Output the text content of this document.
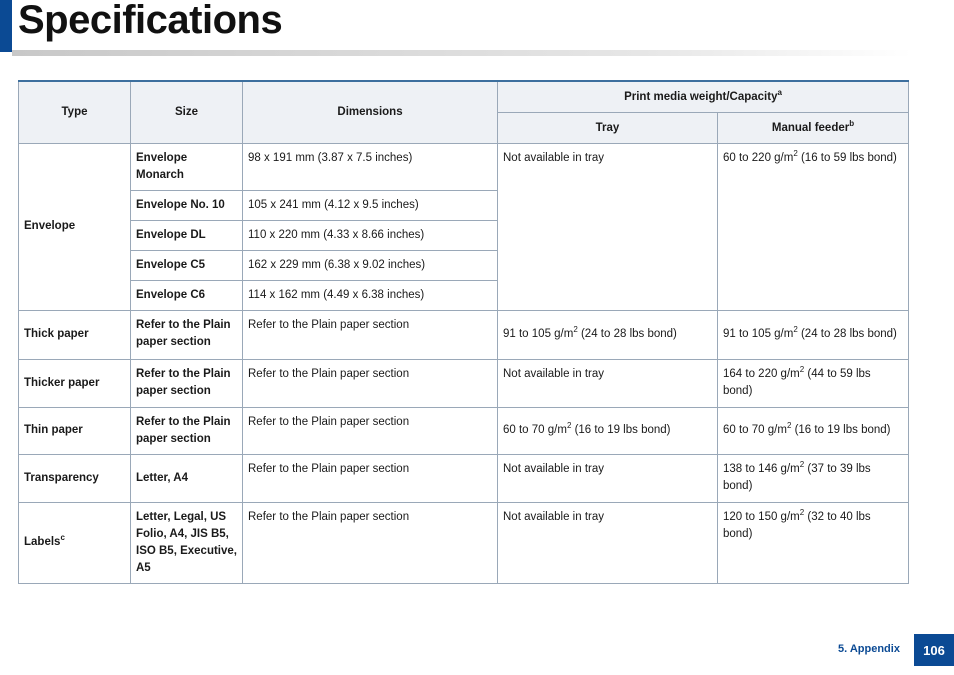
Specifications
Type	Size	Dimensions	Print media weight/Capacity$^a$
			Tray	Manual feeder$^b$
Envelope	Envelope Monarch	98 x 191 mm (3.87 x 7.5 inches)	Not available in tray	60 to 220 $g/m^2$ (16 to 59 lbs bond)
	Envelope No. 10	105 x 241 mm (4.12 x 9.5 inches)		
	Envelope DL	110 x 220 mm (4.33 x 8.66 inches)		
	Envelope C5	162 x 229 mm (6.38 x 9.02 inches)		
	Envelope C6	114 x 162 mm (4.49 x 6.38 inches)		
Thick paper	Refer to the Plain paper section	Refer to the Plain paper section	91 to 105 $g/m^2$ (24 to 28 lbs bond)	91 to 105 $g/m^2$ (24 to 28 lbs bond)
Thicker paper	Refer to the Plain paper section	Refer to the Plain paper section	Not available in tray	164 to 220 $g/m^2$ (44 to 59 lbs bond)
Thin paper	Refer to the Plain paper section	Refer to the Plain paper section	60 to 70 $g/m^2$ (16 to 19 lbs bond)	60 to 70 $g/m^2$ (16 to 19 lbs bond)
Transparency	Letter, A4	Refer to the Plain paper section	Not available in tray	138 to 146 $g/m^2$ (37 to 39 lbs bond)
Labels$^c$	Letter, Legal, US Folio, A4, JIS B5, ISO B5, Executive, A5	Refer to the Plain paper section	Not available in tray	120 to 150 $g/m^2$ (32 to 40 lbs bond)
5. Appendix	106
